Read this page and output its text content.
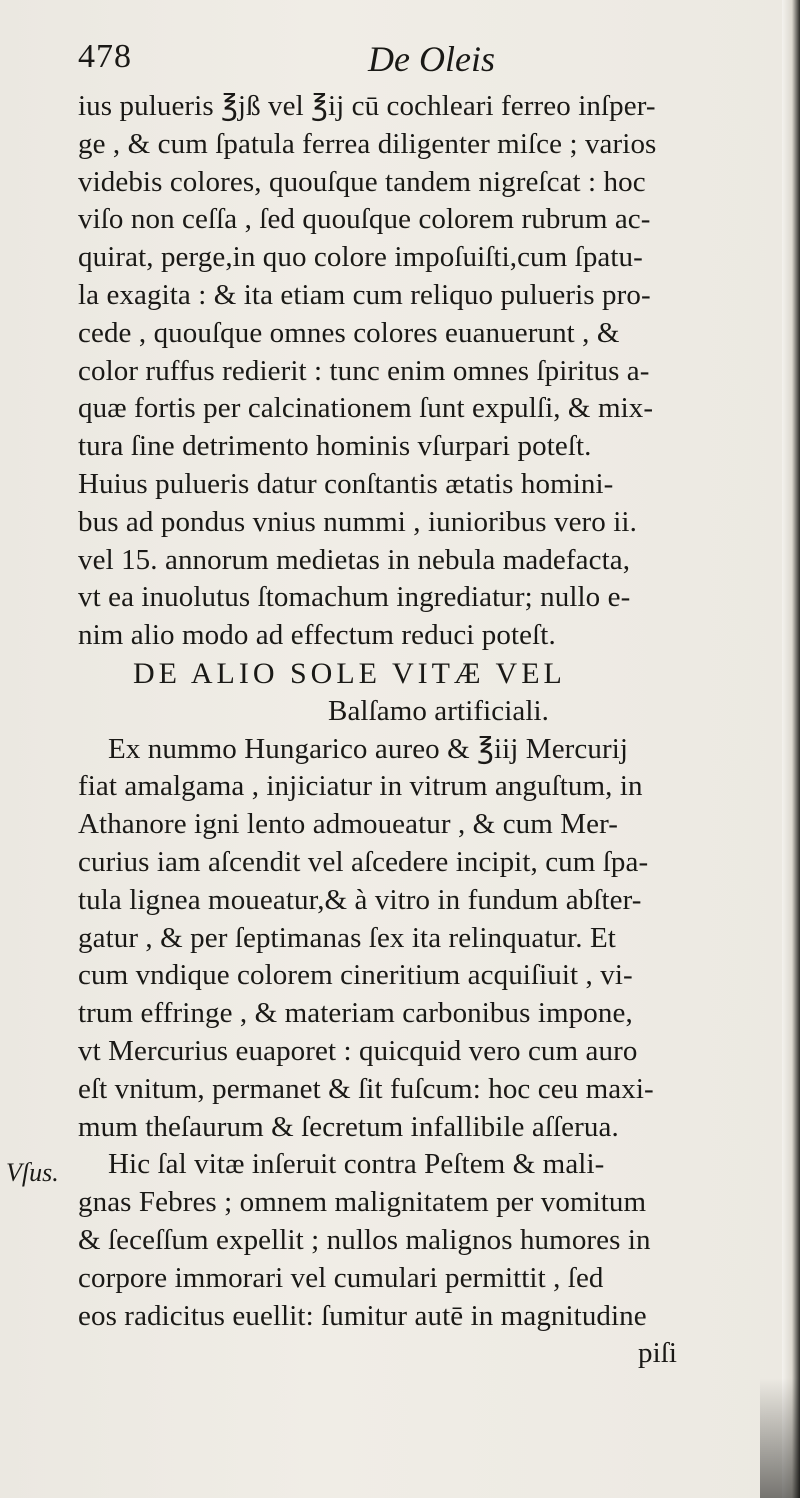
478	De Oleis
Vſus.
ius pulueris ℥jß vel ℥ij cū cochleari ferreo inſper-
ge , & cum ſpatula ferrea diligenter miſce ; varios
videbis colores, quouſque tandem nigreſcat : hoc
viſo non ceſſa , ſed quouſque colorem rubrum ac-
quirat, perge,in quo colore impoſuiſti,cum ſpatu-
la exagita : & ita etiam cum reliquo pulueris pro-
cede , quouſque omnes colores euanuerunt , &
color ruffus redierit : tunc enim omnes ſpiritus a-
quæ fortis per calcinationem ſunt expulſi, & mix-
tura ſine detrimento hominis vſurpari poteſt.
Huius pulueris datur conſtantis ætatis homini-
bus ad pondus vnius nummi , iunioribus vero ii.
vel 15. annorum medietas in nebula madefacta,
vt ea inuolutus ſtomachum ingrediatur; nullo e-
nim alio modo ad effectum reduci poteſt.
DE ALIO SOLE VITÆ VEL
Balſamo artificiali.
Ex nummo Hungarico aureo & ℥iij Mercurij
fiat amalgama , injiciatur in vitrum anguſtum, in
Athanore igni lento admoueatur , & cum Mer-
curius iam aſcendit vel aſcedere incipit, cum ſpa-
tula lignea moueatur,& à vitro in fundum abſter-
gatur , & per ſeptimanas ſex ita relinquatur. Et
cum vndique colorem cineritium acquiſiuit , vi-
trum effringe , & materiam carbonibus impone,
vt Mercurius euaporet : quicquid vero cum auro
eſt vnitum, permanet & ſit fuſcum: hoc ceu maxi-
mum theſaurum & ſecretum infallibile aſſerua.
Hic ſal vitæ inſeruit contra Peſtem & mali-
gnas Febres ; omnem malignitatem per vomitum
& ſeceſſum expellit ; nullos malignos humores in
corpore immorari vel cumulari permittit , ſed
eos radicitus euellit: ſumitur autē in magnitudine
piſi
